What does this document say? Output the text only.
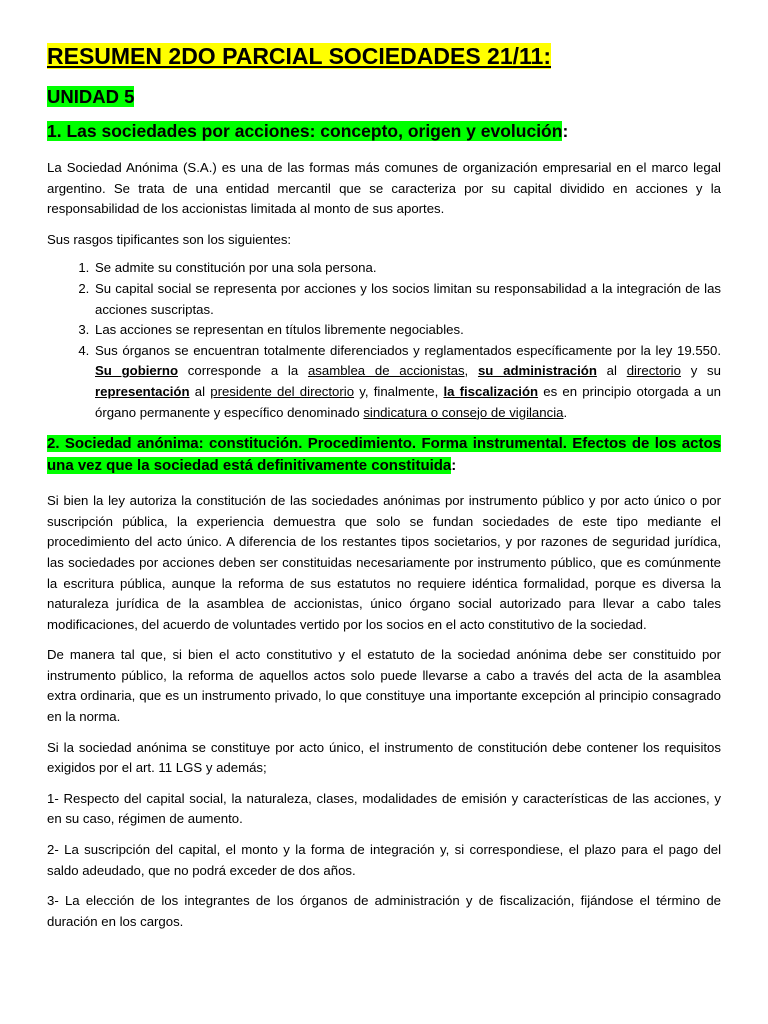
RESUMEN 2DO PARCIAL SOCIEDADES 21/11:
UNIDAD 5
1. Las sociedades por acciones: concepto, origen y evolución:

La Sociedad Anónima (S.A.) es una de las formas más comunes de organización empresarial en el marco legal argentino. Se trata de una entidad mercantil que se caracteriza por su capital dividido en acciones y la responsabilidad de los accionistas limitada al monto de sus aportes.

Sus rasgos tipificantes son los siguientes:

1. Se admite su constitución por una sola persona.
2. Su capital social se representa por acciones y los socios limitan su responsabilidad a la integración de las acciones suscriptas.
3. Las acciones se representan en títulos libremente negociables.
4. Sus órganos se encuentran totalmente diferenciados y reglamentados específicamente por la ley 19.550. Su gobierno corresponde a la asamblea de accionistas, su administración al directorio y su representación al presidente del directorio y, finalmente, la fiscalización es en principio otorgada a un órgano permanente y específico denominado sindicatura o consejo de vigilancia.
2. Sociedad anónima: constitución. Procedimiento. Forma instrumental. Efectos de los actos una vez que la sociedad está definitivamente constituida:

Si bien la ley autoriza la constitución de las sociedades anónimas por instrumento público y por acto único o por suscripción pública, la experiencia demuestra que solo se fundan sociedades de este tipo mediante el procedimiento del acto único. A diferencia de los restantes tipos societarios, y por razones de seguridad jurídica, las sociedades por acciones deben ser constituidas necesariamente por instrumento público, que es comúnmente la escritura pública, aunque la reforma de sus estatutos no requiere idéntica formalidad, porque es diversa la naturaleza jurídica de la asamblea de accionistas, único órgano social autorizado para llevar a cabo tales modificaciones, del acuerdo de voluntades vertido por los socios en el acto constitutivo de la sociedad.

De manera tal que, si bien el acto constitutivo y el estatuto de la sociedad anónima debe ser constituido por instrumento público, la reforma de aquellos actos solo puede llevarse a cabo a través del acta de la asamblea extra ordinaria, que es un instrumento privado, lo que constituye una importante excepción al principio consagrado en la norma.

Si la sociedad anónima se constituye por acto único, el instrumento de constitución debe contener los requisitos exigidos por el art. 11 LGS y además;

1- Respecto del capital social, la naturaleza, clases, modalidades de emisión y características de las acciones, y en su caso, régimen de aumento.

2- La suscripción del capital, el monto y la forma de integración y, si correspondiese, el plazo para el pago del saldo adeudado, que no podrá exceder de dos años.

3- La elección de los integrantes de los órganos de administración y de fiscalización, fijándose el término de duración en los cargos.
